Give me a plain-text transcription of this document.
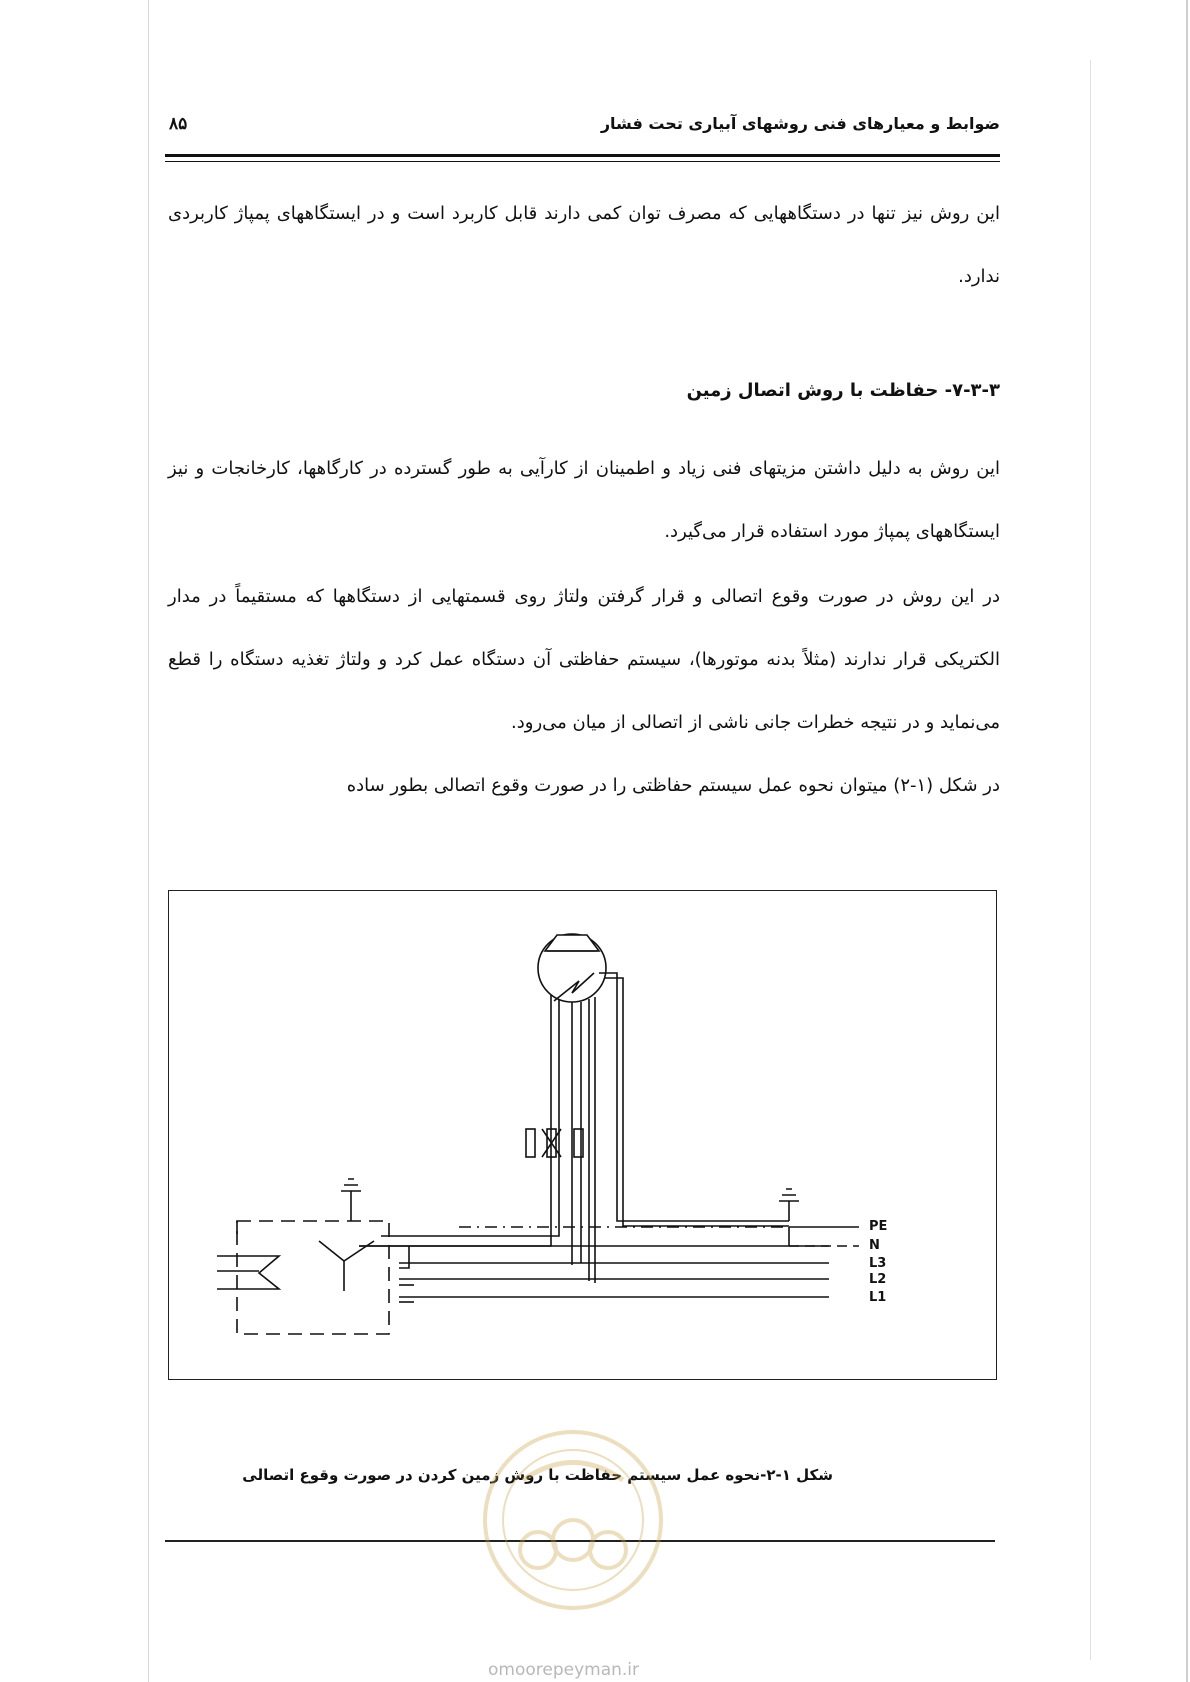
۸۵	ضوابط و معیارهای فنی روشهای آبیاری تحت فشار

این روش نیز تنها در دستگاههایی که مصرف توان کمی دارند قابل کاربرد است و در ایستگاههای پمپاژ کاربردی ندارد.

۷-۳-۳- حفاظت با روش اتصال زمین

این روش به دلیل داشتن مزیتهای فنی زیاد و اطمینان از کارآیی به طور گسترده در کارگاهها، کارخانجات و نیز ایستگاههای پمپاژ مورد استفاده قرار می‌گیرد.

در این روش در صورت وقوع اتصالی و قرار گرفتن ولتاژ روی قسمتهایی از دستگاهها که مستقیماً در مدار الکتریکی قرار ندارند (مثلاً بدنه موتورها)، سیستم حفاظتی آن دستگاه عمل کرد و ولتاژ تغذیه دستگاه را قطع می‌نماید و در نتیجه خطرات جانی ناشی از اتصالی از میان می‌رود.

در شکل (۱-۲) میتوان نحوه عمل سیستم حفاظتی را در صورت وقوع اتصالی بطور ساده

PE
N
L3
L2
L1
شکل ۱-۲-نحوه عمل سیستم حفاظت با روش زمین کردن در صورت وقوع اتصالی
omoorepeyman.ir
